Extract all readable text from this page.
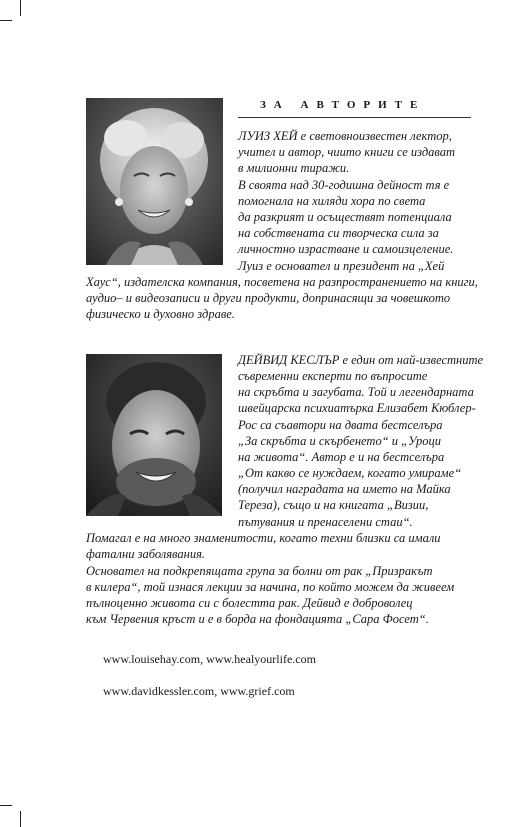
ЗА АВТОРИТЕ
ЛУИЗ ХЕЙ е световноизвестен лектор,
учител и автор, чиито книги се издават
в милионни тиражи.
В своята над 30-годишна дейност тя е
помогнала на хиляди хора по света
да разкрият и осъществят потенциала
на собствената си творческа сила за
личностно израстване и самоизцеление.
Луиз е основател и президент на „Хей
Хаус“, издателска компания, посветена на разпространението на книги,
аудио– и видеозаписи и други продукти, допринасящи за човешкото
физическо и духовно здраве.
ДЕЙВИД КЕСЛЪР е един от най-известните
съвременни експерти по въпросите
на скръбта и загубата. Той и легендарната
швейцарска психиатърка Елизабет Кюблер-
Рос са съавтори на двата бестселъра
„За скръбта и скърбенето“ и „Уроци
на живота“. Автор е и на бестселъра
„От какво се нуждаем, когато умираме“
(получил наградата на името на Майка
Тереза), също и на книгата „Визии,
пътувания и пренаселени стаи“.
Помагал е на много знаменитости, когато техни близки са имали
фатални заболявания.
Основател на подкрепящата група за болни от рак „Призракът
в килера“, той изнася лекции за начина, по който можем да живеем
пълноценно живота си с болестта рак. Дейвид е доброволец
към Червения кръст и е в борда на фондацията „Сара Фосет“.
www.louisehay.com, www.healyourlife.com
www.davidkessler.com, www.grief.com
